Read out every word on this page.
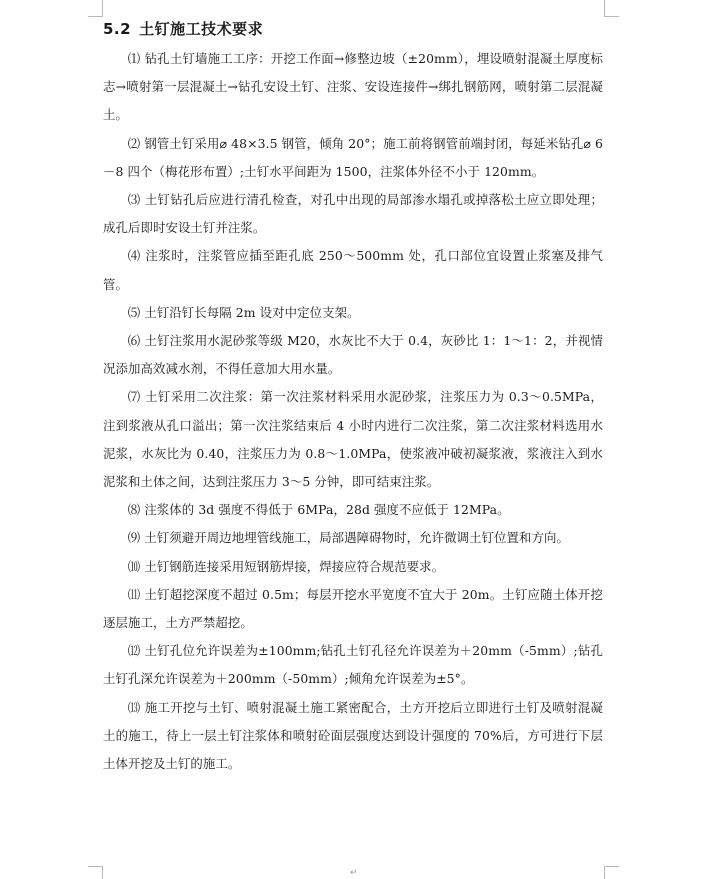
5.2 土钉施工技术要求

⑴ 钻孔土钉墙施工工序：开挖工作面→修整边坡（±20mm），埋设喷射混凝土厚度标志→喷射第一层混凝土→钻孔安设土钉、注浆、安设连接件→绑扎钢筋网，喷射第二层混凝土。

⑵ 钢管土钉采用⌀ 48×3.5 钢管，倾角 20°；施工前将钢管前端封闭，每延米钻孔⌀ 6－8 四个（梅花形布置）;土钉水平间距为 1500，注浆体外径不小于 120mm。

⑶ 土钉钻孔后应进行清孔检查，对孔中出现的局部渗水塌孔或掉落松土应立即处理；成孔后即时安设土钉并注浆。

⑷ 注浆时，注浆管应插至距孔底 250～500mm 处，孔口部位宜设置止浆塞及排气管。

⑸ 土钉沿钉长每隔 2m 设对中定位支架。

⑹ 土钉注浆用水泥砂浆等级 M20，水灰比不大于 0.4，灰砂比 1：1～1：2，并视情况添加高效减水剂，不得任意加大用水量。

⑺ 土钉采用二次注浆：第一次注浆材料采用水泥砂浆，注浆压力为 0.3～0.5MPa，注到浆液从孔口溢出；第一次注浆结束后 4 小时内进行二次注浆，第二次注浆材料选用水泥浆，水灰比为 0.40，注浆压力为 0.8～1.0MPa，使浆液冲破初凝浆液，浆液注入到水泥浆和土体之间，达到注浆压力 3～5 分钟，即可结束注浆。

⑻ 注浆体的 3d 强度不得低于 6MPa，28d 强度不应低于 12MPa。

⑼ 土钉须避开周边地埋管线施工，局部遇障碍物时，允许微调土钉位置和方向。

⑽ 土钉钢筋连接采用短钢筋焊接，焊接应符合规范要求。

⑾ 土钉超挖深度不超过 0.5m；每层开挖水平宽度不宜大于 20m。土钉应随土体开挖逐层施工，土方严禁超挖。

⑿ 土钉孔位允许误差为±100mm;钻孔土钉孔径允许误差为＋20mm（-5mm）;钻孔土钉孔深允许误差为＋200mm（-50mm）;倾角允许误差为±5°。

⒀ 施工开挖与土钉、喷射混凝土施工紧密配合，土方开挖后立即进行土钉及喷射混凝土的施工，待上一层土钉注浆体和喷射砼面层强度达到设计强度的 70%后，方可进行下层土体开挖及土钉的施工。

↵
